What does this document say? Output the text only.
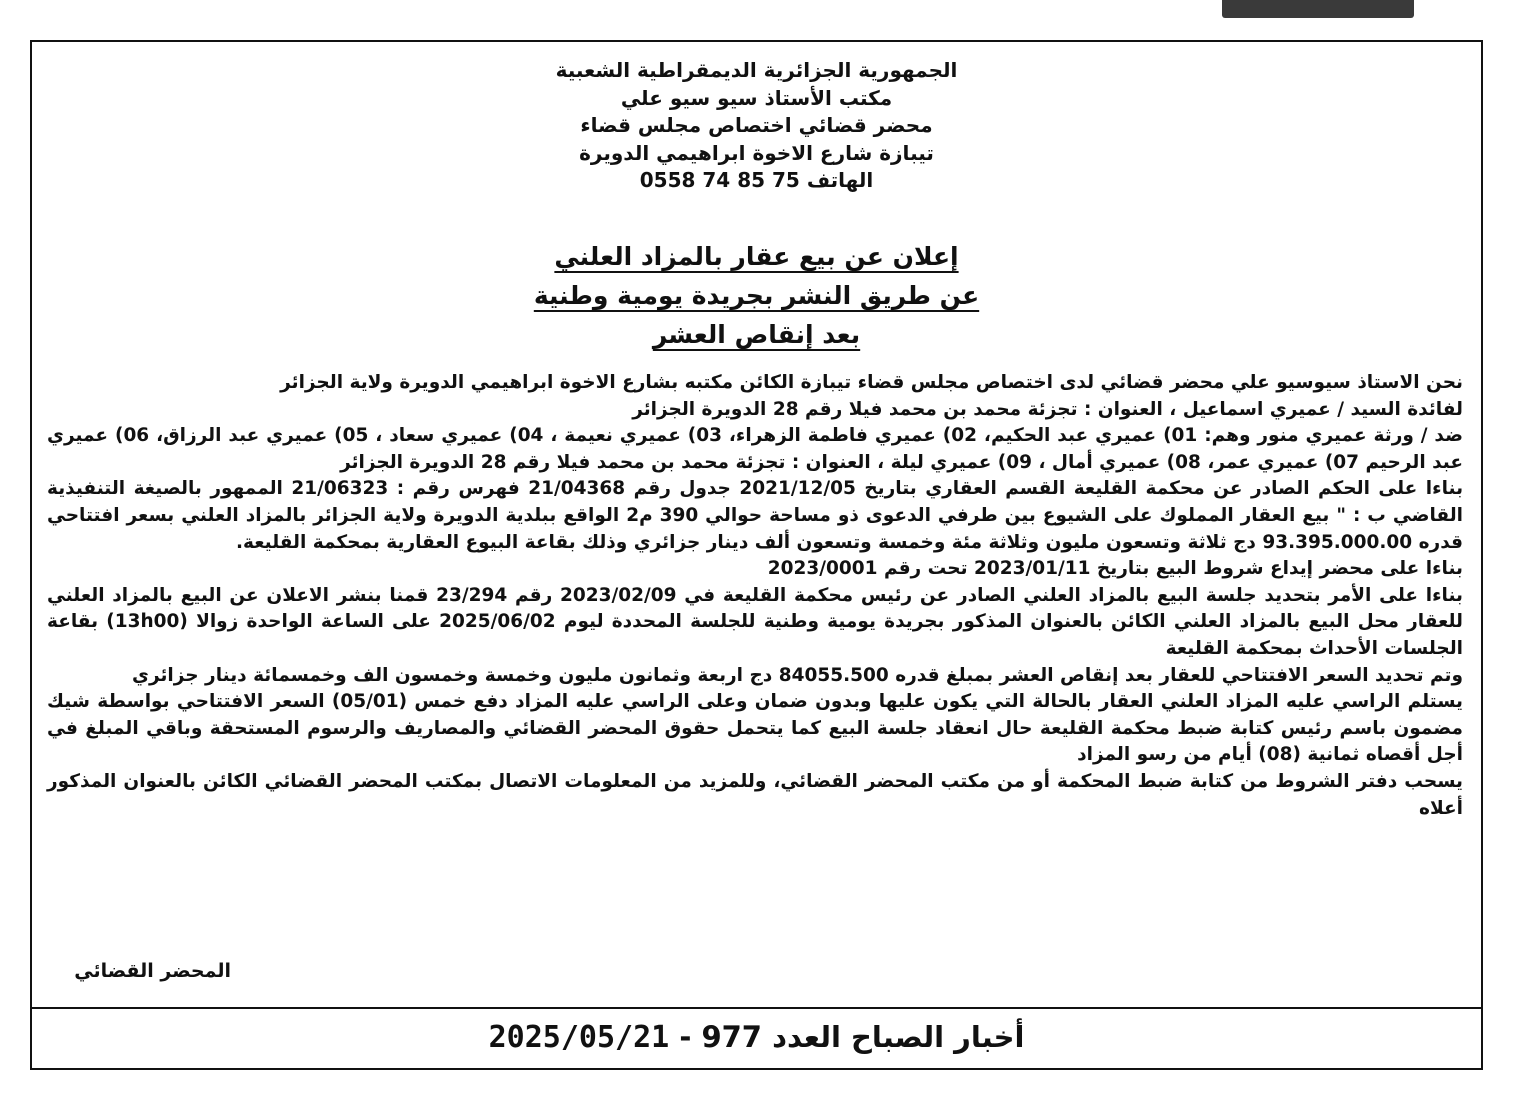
الجمهورية الجزائرية الديمقراطية الشعبية
مكتب الأستاذ سيو سيو علي
محضر قضائي اختصاص مجلس قضاء
تيبازة شارع الاخوة ابراهيمي الدويرة
الهاتف 75 85 74 0558
إعلان عن بيع عقار بالمزاد العلني
عن طريق النشر بجريدة يومية وطنية
بعد إنقاص العشر

نحن الاستاذ سيوسيو علي محضر قضائي لدى اختصاص مجلس قضاء تيبازة الكائن مكتبه بشارع الاخوة ابراهيمي الدويرة ولاية الجزائر

لفائدة السيد / عميري اسماعيل ، العنوان : تجزئة محمد بن محمد فيلا رقم 28 الدويرة الجزائر

ضد / ورثة عميري منور وهم: 01) عميري عبد الحكيم، 02) عميري فاطمة الزهراء، 03) عميري نعيمة ، 04) عميري سعاد ، 05) عميري عبد الرزاق، 06) عميري عبد الرحيم 07) عميري عمر، 08) عميري أمال ، 09) عميري ليلة ، العنوان : تجزئة محمد بن محمد فيلا رقم 28 الدويرة الجزائر

بناءا على الحكم الصادر عن محكمة القليعة القسم العقاري بتاريخ 2021/12/05 جدول رقم 21/04368 فهرس رقم : 21/06323 الممهور بالصيغة التنفيذية القاضي ب : " بيع العقار المملوك على الشيوع بين طرفي الدعوى ذو مساحة حوالي 390 م2 الواقع ببلدية الدويرة ولاية الجزائر بالمزاد العلني بسعر افتتاحي قدره 93.395.000.00 دج ثلاثة وتسعون مليون وثلاثة مئة وخمسة وتسعون ألف دينار جزائري وذلك بقاعة البيوع العقارية بمحكمة القليعة.

بناءا على محضر إيداع شروط البيع بتاريخ 2023/01/11 تحت رقم 2023/0001

بناءا على الأمر بتحديد جلسة البيع بالمزاد العلني الصادر عن رئيس محكمة القليعة في 2023/02/09 رقم 23/294 قمنا بنشر الاعلان عن البيع بالمزاد العلني للعقار محل البيع بالمزاد العلني الكائن بالعنوان المذكور بجريدة يومية وطنية للجلسة المحددة ليوم 2025/06/02 على الساعة الواحدة زوالا (13h00) بقاعة الجلسات الأحداث بمحكمة القليعة

وتم تحديد السعر الافتتاحي للعقار بعد إنقاص العشر بمبلغ قدره 84055.500 دج اربعة وثمانون مليون وخمسة وخمسون الف وخمسمائة دينار جزائري

يستلم الراسي عليه المزاد العلني العقار بالحالة التي يكون عليها وبدون ضمان وعلى الراسي عليه المزاد دفع خمس (05/01) السعر الافتتاحي بواسطة شيك مضمون باسم رئيس كتابة ضبط محكمة القليعة حال انعقاد جلسة البيع كما يتحمل حقوق المحضر القضائي والمصاريف والرسوم المستحقة وباقي المبلغ في أجل أقصاه ثمانية (08) أيام من رسو المزاد

يسحب دفتر الشروط من كتابة ضبط المحكمة أو من مكتب المحضر القضائي، وللمزيد من المعلومات الاتصال بمكتب المحضر القضائي الكائن بالعنوان المذكور أعلاه

المحضر القضائي
أخبار الصباح العدد 977 - 2025/05/21
